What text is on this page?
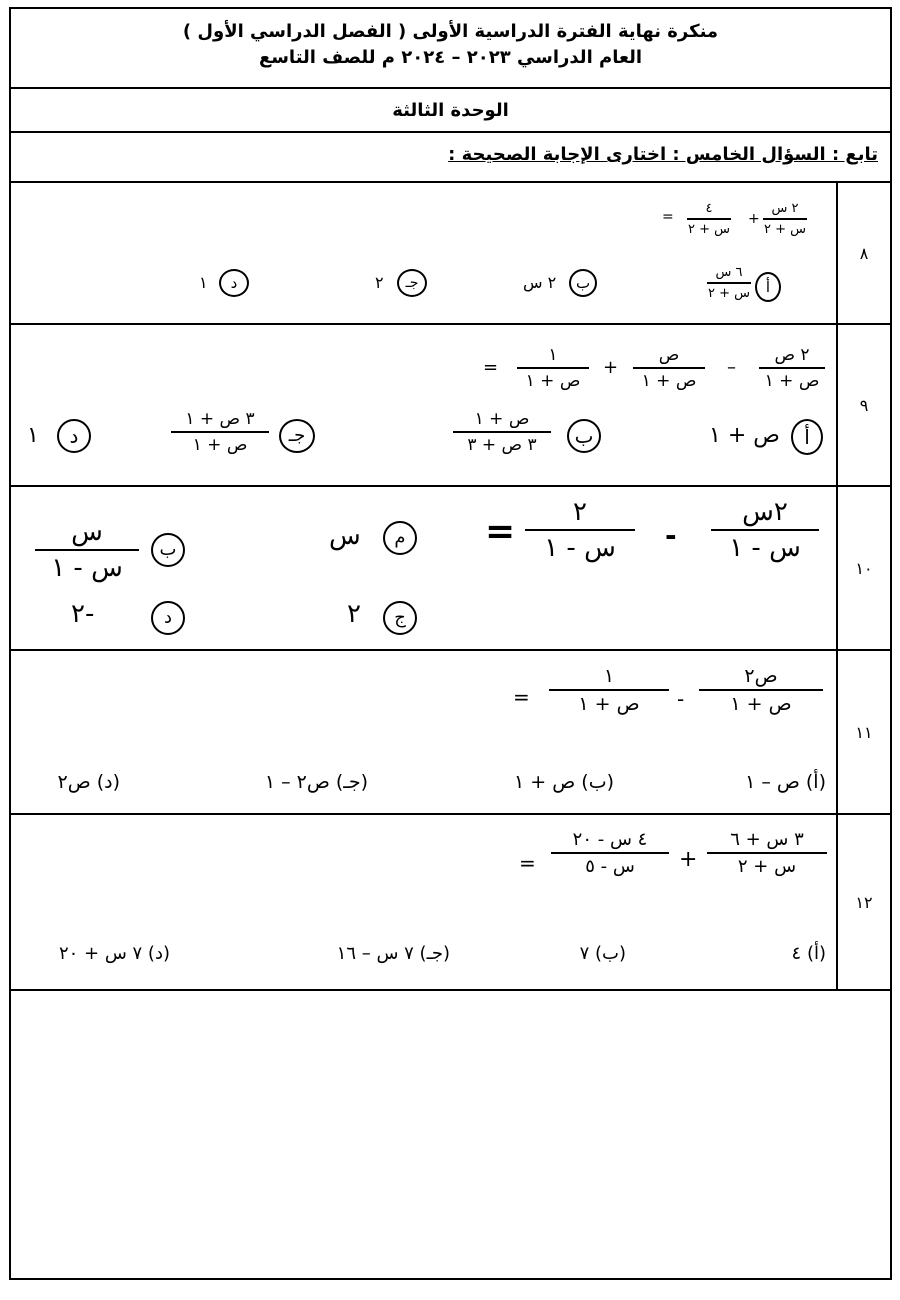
منكرة نهاية الفترة الدراسية الأولى ( الفصل الدراسي الأول )
العام الدراسي ٢٠٢٣ – ٢٠٢٤ م للصف التاسع
الوحدة الثالثة
تابع : السؤال الخامس : اختارى الإجابة الصحيحة :
٨
٢ س
س + ٢
+
٤
س + ٢
=
أ
٦ س
س + ٢
ب
٢ س
جـ
٢
د
١
٩
٢ ص
ص + ١
–
ص
ص + ١
+
١
ص + ١
=
أ
ص + ١
ب
ص + ١
٣ ص + ٣
جـ
٣ ص + ١
ص + ١
د
١
١٠
٢س
س - ١
-
٢
س - ١
=
م
س
ب
س
س - ١
ج
٢
د
٢-
١١
ص٢
ص + ١
-
١
ص + ١
=
(أ) ص – ١
(ب) ص + ١
(جـ) ص٢ – ١
(د) ص٢
١٢
٣ س + ٦
س + ٢
+
٤ س - ٢٠
س - ٥
=
(أ) ٤
(ب) ٧
(جـ) ٧ س – ١٦
(د) ٧ س + ٢٠
